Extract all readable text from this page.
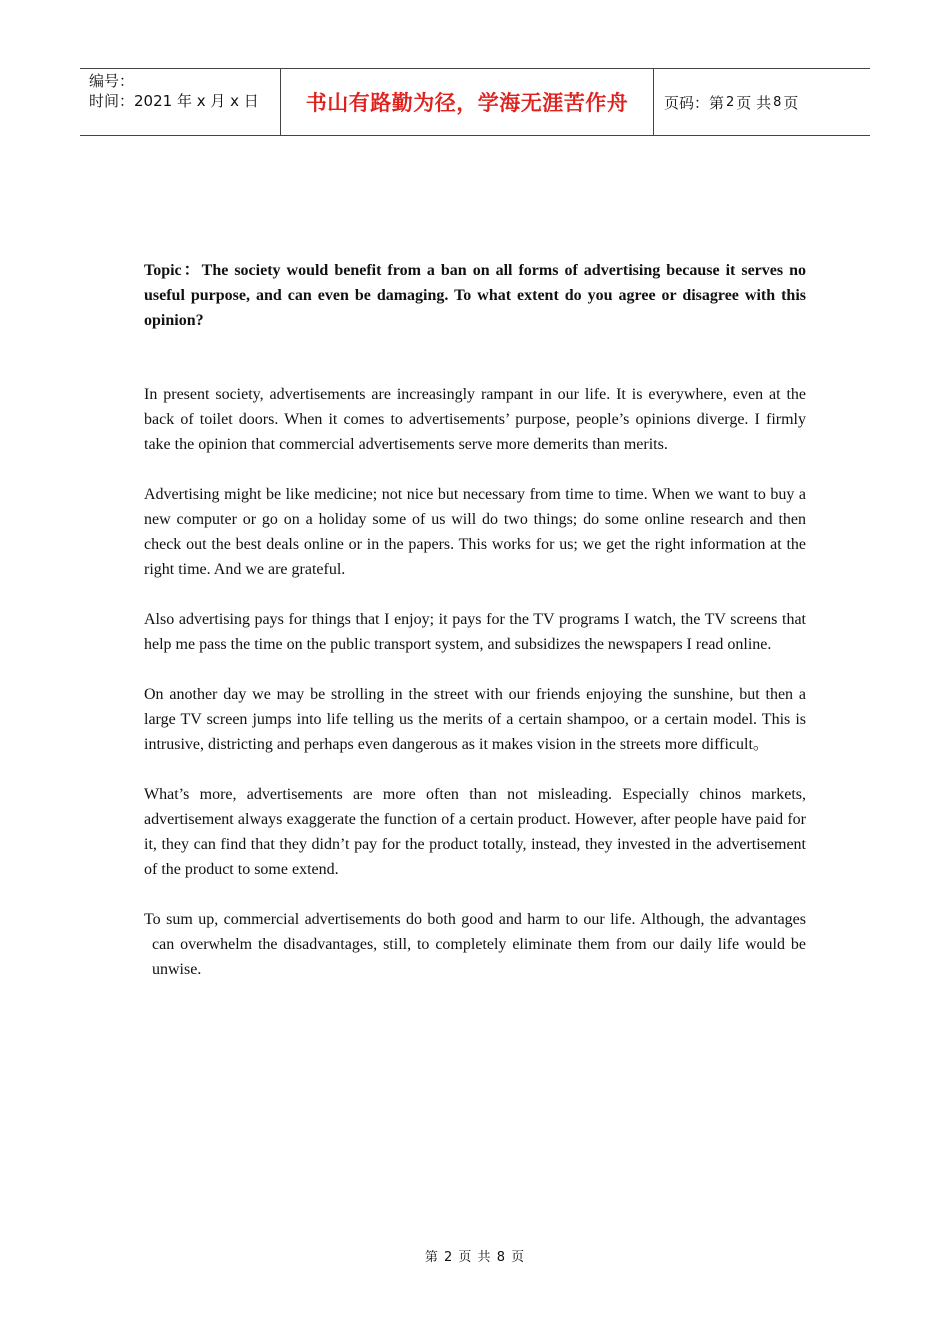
编号：
时间：2021 年 x 月 x 日	书山有路勤为径，学海无涯苦作舟 页码：第 2 页 共 8 页

Topic：The society would benefit from a ban on all forms of advertising because it serves no useful purpose, and can even be damaging. To what extent do you agree or disagree with this opinion?

In present society, advertisements are increasingly rampant in our life. It is everywhere, even at the back of toilet doors. When it comes to advertisements’ purpose, people’s opinions diverge. I firmly take the opinion that commercial advertisements serve more demerits than merits.

Advertising might be like medicine; not nice but necessary from time to time. When we want to buy a new computer or go on a holiday some of us will do two things; do some online research and then check out the best deals online or in the papers. This works for us; we get the right information at the right time. And we are grateful.

Also advertising pays for things that I enjoy; it pays for the TV programs I watch, the TV screens that help me pass the time on the public transport system, and subsidizes the newspapers I read online.

On another day we may be strolling in the street with our friends enjoying the sunshine, but then a large TV screen jumps into life telling us the merits of a certain shampoo, or a certain model. This is intrusive, districting and perhaps even dangerous as it makes vision in the streets more difficult。

What’s more, advertisements are more often than not misleading. Especially chinos markets, advertisement always exaggerate the function of a certain product. However, after people have paid for it, they can find that they didn’t pay for the product totally, instead, they invested in the advertisement of the product to some extend.

To sum up, commercial advertisements do both good and harm to our life. Although, the advantages can overwhelm the disadvantages, still, to completely eliminate them from our daily life would be unwise.

第 2 页 共 8 页
